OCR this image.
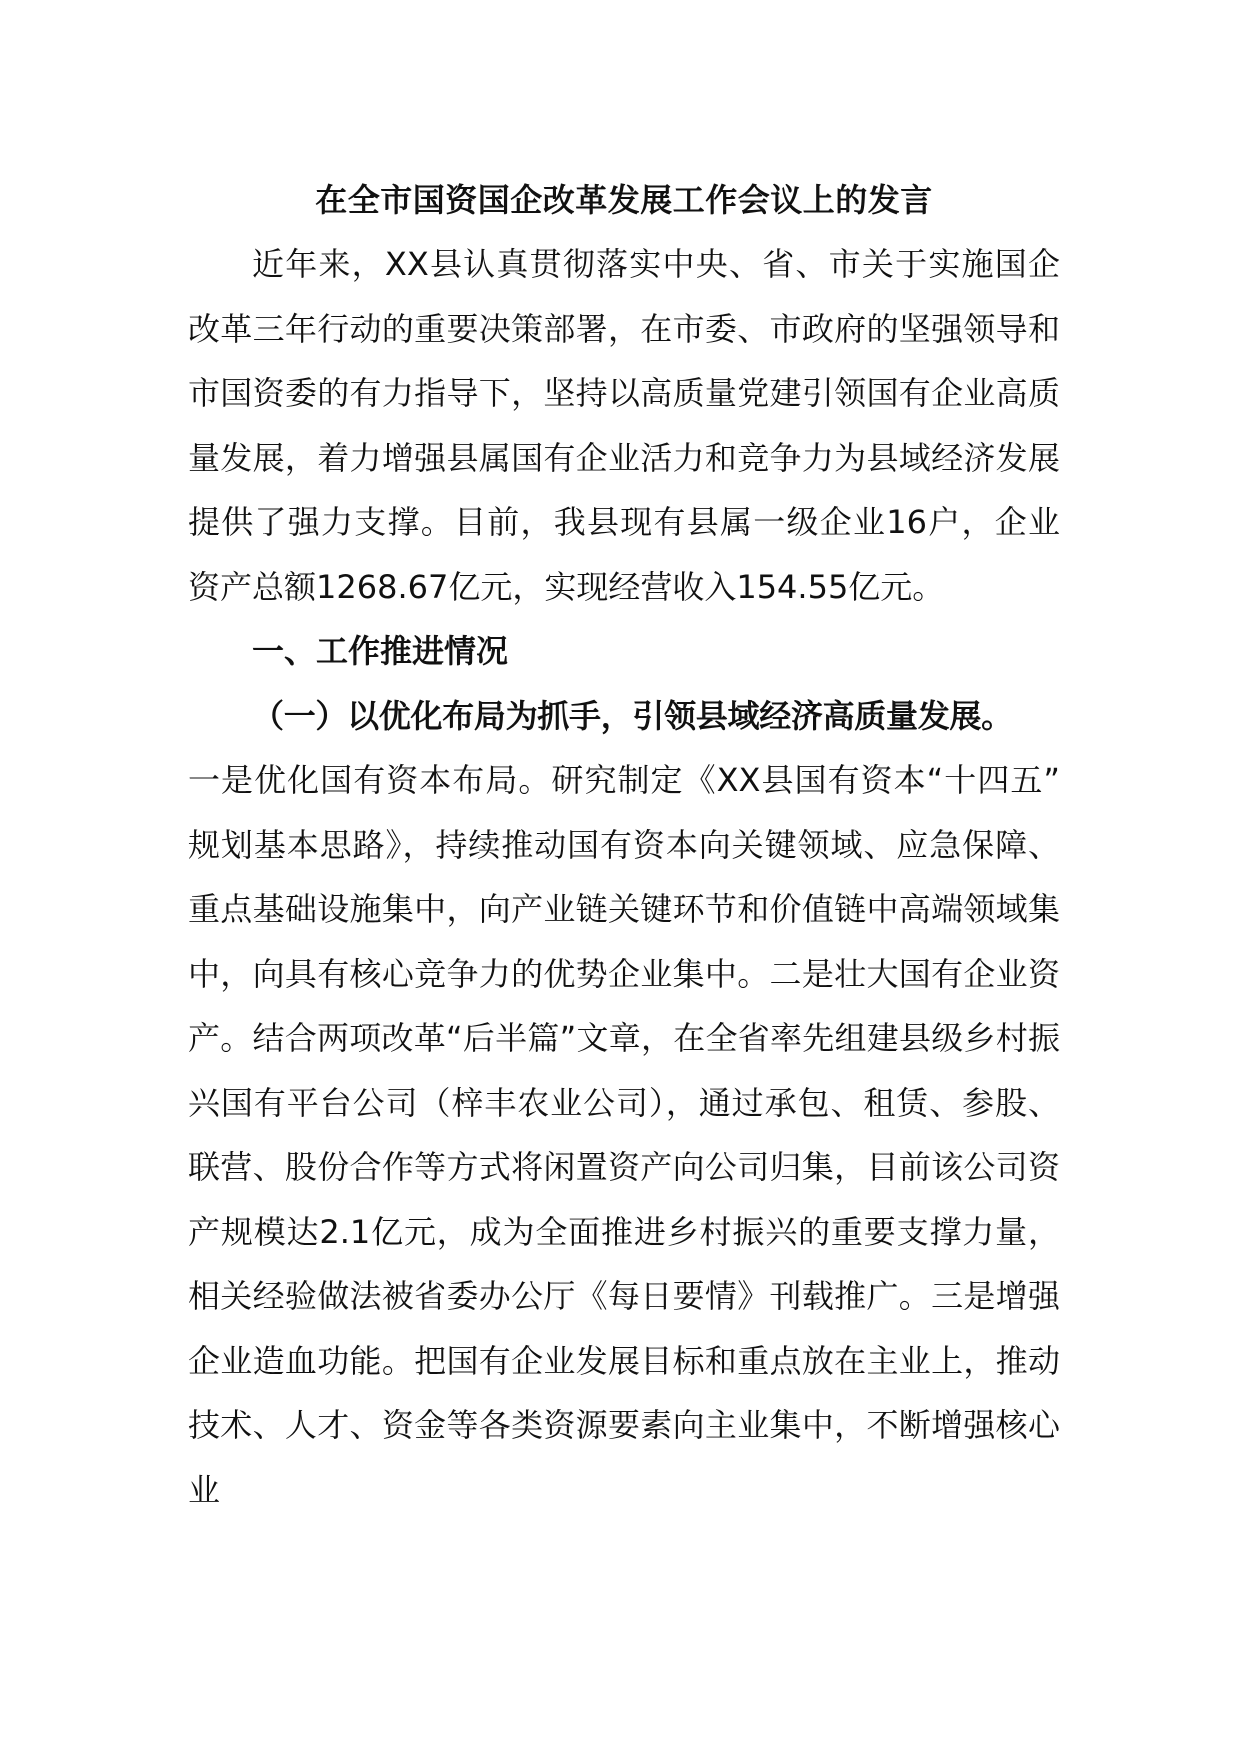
在全市国资国企改革发展工作会议上的发言

近年来，XX县认真贯彻落实中央、省、市关于实施国企改革三年行动的重要决策部署，在市委、市政府的坚强领导和市国资委的有力指导下，坚持以高质量党建引领国有企业高质量发展，着力增强县属国有企业活力和竞争力为县域经济发展提供了强力支撑。目前，我县现有县属一级企业16户，企业资产总额1268.67亿元，实现经营收入154.55亿元。

一、工作推进情况
（一）以优化布局为抓手，引领县域经济高质量发展。

一是优化国有资本布局。研究制定《XX县国有资本“十四五”规划基本思路》，持续推动国有资本向关键领域、应急保障、重点基础设施集中，向产业链关键环节和价值链中高端领域集中，向具有核心竞争力的优势企业集中。二是壮大国有企业资产。结合两项改革“后半篇”文章，在全省率先组建县级乡村振兴国有平台公司（梓丰农业公司），通过承包、租赁、参股、联营、股份合作等方式将闲置资产向公司归集，目前该公司资产规模达2.1亿元，成为全面推进乡村振兴的重要支撑力量，相关经验做法被省委办公厅《每日要情》刊载推广。三是增强企业造血功能。把国有企业发展目标和重点放在主业上，推动技术、人才、资金等各类资源要素向主业集中，不断增强核心业
